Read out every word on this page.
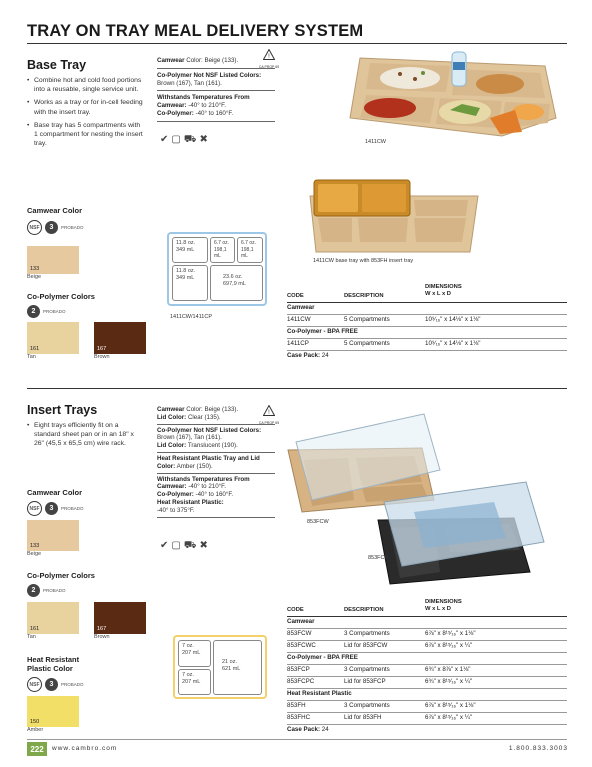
TRAY ON TRAY MEAL DELIVERY SYSTEM
Base Tray
• Combine hot and cold food portions into a reusable, single service unit.
• Works as a tray or for in-cell feeding with the insert tray.
• Base tray has 5 compartments with 1 compartment for nesting the insert tray.
Camwear Color
NSF	3	PROBADO
133
Beige
Co-Polymer Colors
2	PROBADO
161
Tan
167
Brown
Camwear Color: Beige (133).
Co-Polymer Not NSF Listed Colors:
Brown (167), Tan (161).
Withstands Temperatures From
Camwear: -40° to 210°F.
Co-Polymer: -40° to 160°F.
!
CA PROP 65
✔ ▢ ⛟ ✖	1411CW
1411CW base tray with 853FH insert tray
11.8 oz.
349 mL
6.7 oz.
198,1 mL
6.7 oz.
198,1 mL
11.8 oz.
349 mL	23.6 oz.
697,9 mL
1411CW/1411CP
DIMENSIONS
W x L x D
CODE	DESCRIPTION
Camwear
1411CW	5 Compartments	10⁹⁄₁₆" x 14⅛" x 1⅛"
Co-Polymer - BPA FREE
1411CP	5 Compartments	10⁹⁄₁₆" x 14⅛" x 1⅛"
Case Pack: 24
Insert Trays
• Eight trays efficiently fit on a standard sheet pan or in an 18" x 26" (45,5 x 65,5 cm) wire rack.
Camwear Color
NSF	3	PROBADO
133
Beige
Co-Polymer Colors
2	PROBADO
161
Tan
167
Brown
Heat Resistant Plastic Color
NSF	3	PROBADO
150
Amber
Camwear Color: Beige (133).
Lid Color: Clear (135).
Co-Polymer Not NSF Listed Colors:
Brown (167), Tan (161).
Lid Color: Translucent (190).
Heat Resistant Plastic Tray and Lid Color: Amber (150).
Withstands Temperatures From
Camwear: -40° to 210°F.
Co-Polymer: -40° to 160°F.
Heat Resistant Plastic:
-40° to 375°F.
!
CA PROP 65
✔ ▢ ⛟ ✖
853FCW
853FCP
7 oz.
207 mL
21 oz.
621 mL
7 oz.
207 mL
DIMENSIONS
W x L x D
CODE	DESCRIPTION
Camwear
853FCW	3 Compartments	6⅞" x 8¹⁵⁄₁₆" x 1⅛"
853FCWC	Lid for 853FCW	6⅞" x 8¹⁵⁄₁₆" x ¼"
Co-Polymer - BPA FREE
853FCP	3 Compartments	6¾" x 8⅞" x 1⅛"
853FCPC	Lid for 853FCP	6¾" x 8¹⁵⁄₁₆" x ¼"
Heat Resistant Plastic
853FH	3 Compartments	6⅞" x 8¹⁵⁄₁₆" x 1⅛"
853FHC	Lid for 853FH	6⅞" x 8¹⁵⁄₁₆" x ¼"
Case Pack: 24
222	www.cambro.com	1.800.833.3003
